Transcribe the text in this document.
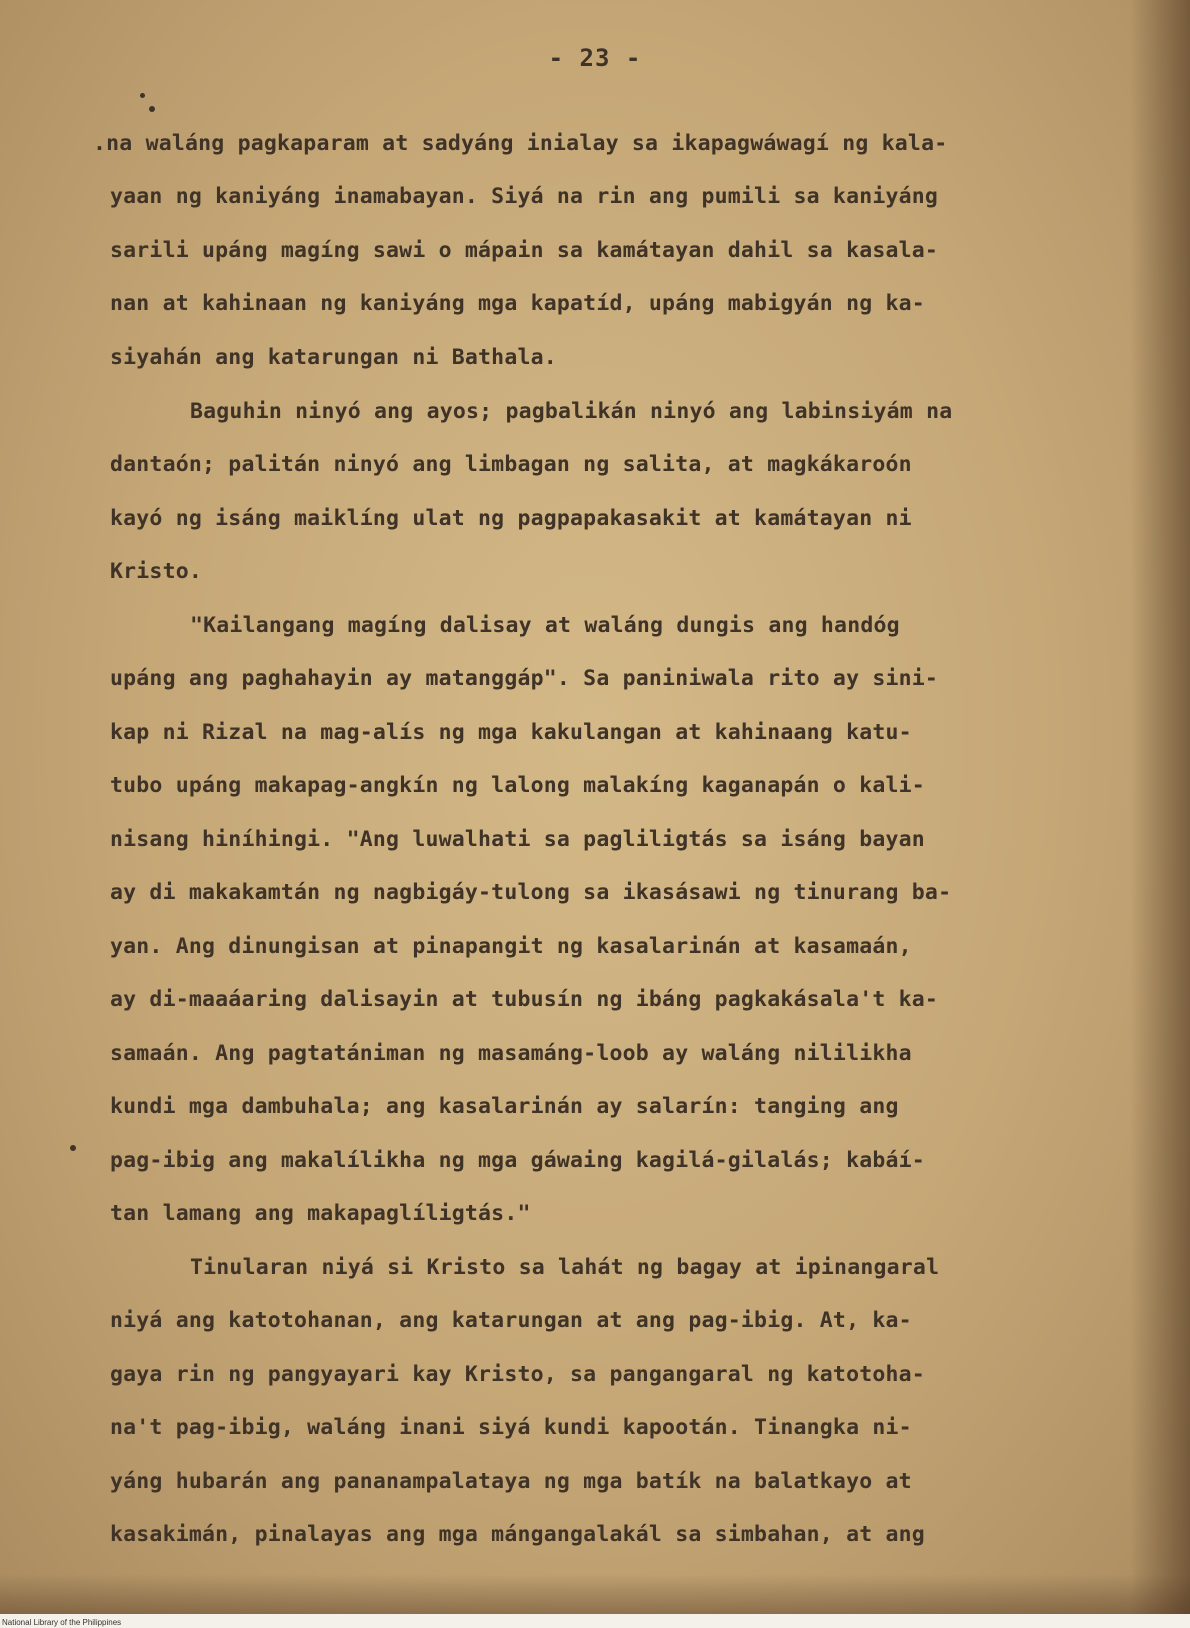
- 23 -
.na waláng pagkaparam at sadyáng inialay sa ikapagwáwagí ng kala-
yaan ng kaniyáng inamabayan. Siyá na rin ang pumili sa kaniyáng
sarili upáng magíng sawi o mápain sa kamátayan dahil sa kasala-
nan at kahinaan ng kaniyáng mga kapatíd, upáng mabigyán ng ka-
siyahán ang katarungan ni Bathala.
Baguhin ninyó ang ayos; pagbalikán ninyó ang labinsiyám na
dantaón; palitán ninyó ang limbagan ng salita, at magkákaroón
kayó ng isáng maiklíng ulat ng pagpapakasakit at kamátayan ni
Kristo.
"Kailangang magíng dalisay at waláng dungis ang handóg
upáng ang paghahayin ay matanggáp". Sa paniniwala rito ay sini-
kap ni Rizal na mag-alís ng mga kakulangan at kahinaang katu-
tubo upáng makapag-angkín ng lalong malakíng kaganapán o kali-
nisang hiníhingi. "Ang luwalhati sa pagliligtás sa isáng bayan
ay di makakamtán ng nagbigáy-tulong sa ikasásawi ng tinurang ba-
yan. Ang dinungisan at pinapangit ng kasalarinán at kasamaán,
ay di-maaáaring dalisayin at tubusín ng ibáng pagkakásala't ka-
samaán. Ang pagtatániman ng masamáng-loob ay waláng nililikha
kundi mga dambuhala; ang kasalarinán ay salarín: tanging ang
pag-ibig ang makalílikha ng mga gáwaing kagilá-gilalás; kabáí-
tan lamang ang makapaglíligtás."
Tinularan niyá si Kristo sa lahát ng bagay at ipinangaral
niyá ang katotohanan, ang katarungan at ang pag-ibig. At, ka-
gaya rin ng pangyayari kay Kristo, sa pangangaral ng katotoha-
na't pag-ibig, waláng inani siyá kundi kapootán. Tinangka ni-
yáng hubarán ang pananampalataya ng mga batík na balatkayo at
kasakimán, pinalayas ang mga mángangalakál sa simbahan, at ang
National Library of the Philippines
